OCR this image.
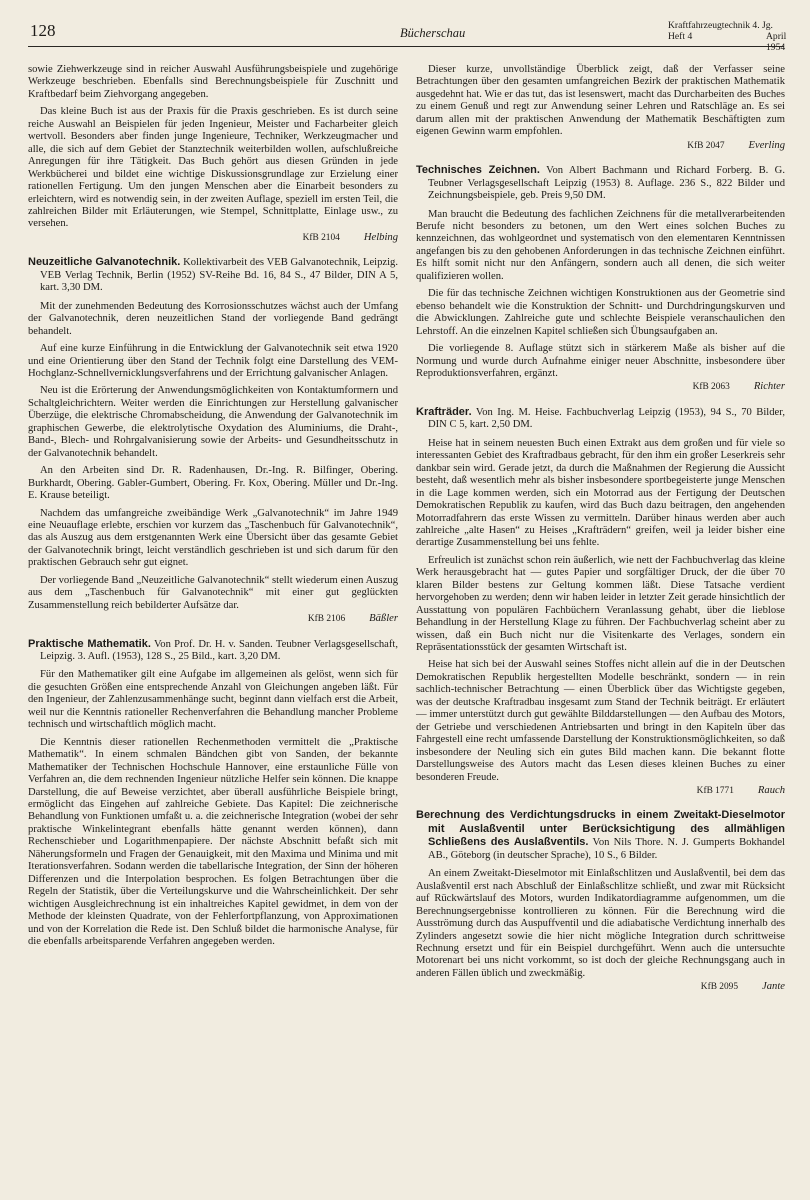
128	Bücherschau
Kraftfahrzeugtechnik 4. Jg.
Heft 4	April 1954

sowie Ziehwerkzeuge sind in reicher Auswahl Ausführungsbeispiele und zugehörige Werkzeuge beschrieben. Ebenfalls sind Berechnungsbeispiele für Zuschnitt und Kraftbedarf beim Ziehvorgang angegeben.

Das kleine Buch ist aus der Praxis für die Praxis geschrieben. Es ist durch seine reiche Auswahl an Beispielen für jeden Ingenieur, Meister und Facharbeiter gleich wertvoll. Besonders aber finden junge Ingenieure, Techniker, Werkzeugmacher und alle, die sich auf dem Gebiet der Stanztechnik weiterbilden wollen, aufschlußreiche Anregungen für ihre Tätigkeit. Das Buch gehört aus diesen Gründen in jede Werkbücherei und bildet eine wichtige Diskussionsgrundlage zur Erzielung einer rationellen Fertigung. Um den jungen Menschen aber die Einarbeit besonders zu erleichtern, wird es notwendig sein, in der zweiten Auflage, speziell im ersten Teil, die zahlreichen Bilder mit Erläuterungen, wie Stempel, Schnittplatte, Einlage usw., zu versehen.

KfB 2104 Helbing

Neuzeitliche Galvanotechnik. Kollektivarbeit des VEB Galvanotechnik, Leipzig. VEB Verlag Technik, Berlin (1952) SV-Reihe Bd. 16, 84 S., 47 Bilder, DIN A 5, kart. 3,30 DM.

Mit der zunehmenden Bedeutung des Korrosionsschutzes wächst auch der Umfang der Galvanotechnik, deren neuzeitlichen Stand der vorliegende Band gedrängt behandelt.

Auf eine kurze Einführung in die Entwicklung der Galvanotechnik seit etwa 1920 und eine Orientierung über den Stand der Technik folgt eine Darstellung des VEM-Hochglanz-Schnellvernicklungsverfahrens und der Errichtung galvanischer Anlagen.

Neu ist die Erörterung der Anwendungsmöglichkeiten von Kontaktumformern und Schaltgleichrichtern. Weiter werden die Einrichtungen zur Herstellung galvanischer Überzüge, die elektrische Chromabscheidung, die Anwendung der Galvanotechnik im graphischen Gewerbe, die elektrolytische Oxydation des Aluminiums, die Draht-, Band-, Blech- und Rohrgalvanisierung sowie der Arbeits- und Gesundheitsschutz in der Galvanotechnik behandelt.

An den Arbeiten sind Dr. R. Radenhausen, Dr.-Ing. R. Bilfinger, Obering. Burkhardt, Obering. Gabler-Gumbert, Obering. Fr. Kox, Obering. Müller und Dr.-Ing. E. Krause beteiligt.

Nachdem das umfangreiche zweibändige Werk „Galvanotechnik“ im Jahre 1949 eine Neuauflage erlebte, erschien vor kurzem das „Taschenbuch für Galvanotechnik“, das als Auszug aus dem erstgenannten Werk eine Übersicht über das gesamte Gebiet der Galvanotechnik bringt, leicht verständlich geschrieben ist und sich darum für den praktischen Gebrauch sehr gut eignet.

Der vorliegende Band „Neuzeitliche Galvanotechnik“ stellt wiederum einen Auszug aus dem „Taschenbuch für Galvanotechnik“ mit einer gut geglückten Zusammenstellung reich bebilderter Aufsätze dar.

KfB 2106 Bäßler

Praktische Mathematik. Von Prof. Dr. H. v. Sanden. Teubner Verlagsgesellschaft, Leipzig. 3. Aufl. (1953), 128 S., 25 Bild., kart. 3,20 DM.

Für den Mathematiker gilt eine Aufgabe im allgemeinen als gelöst, wenn sich für die gesuchten Größen eine entsprechende Anzahl von Gleichungen angeben läßt. Für den Ingenieur, der Zahlenzusammenhänge sucht, beginnt dann vielfach erst die Arbeit, weil nur die Kenntnis rationeller Rechenverfahren die Behandlung mancher Probleme technisch und wirtschaftlich möglich macht.

Die Kenntnis dieser rationellen Rechenmethoden vermittelt die „Praktische Mathematik“. In einem schmalen Bändchen gibt von Sanden, der bekannte Mathematiker der Technischen Hochschule Hannover, eine erstaunliche Fülle von Verfahren an, die dem rechnenden Ingenieur nützliche Helfer sein können. Die knappe Darstellung, die auf Beweise verzichtet, aber überall ausführliche Beispiele bringt, ermöglicht das Eingehen auf zahlreiche Gebiete. Das Kapitel: Die zeichnerische Behandlung von Funktionen umfaßt u. a. die zeichnerische Integration (wobei der sehr praktische Winkelintegrant ebenfalls hätte genannt werden können), dann Rechenschieber und Logarithmenpapiere. Der nächste Abschnitt befaßt sich mit Näherungsformeln und Fragen der Genauigkeit, mit den Maxima und Minima und mit Iterationsverfahren. Sodann werden die tabellarische Integration, der Sinn der höheren Differenzen und die Interpolation besprochen. Es folgen Betrachtungen über die Regeln der Statistik, über die Verteilungskurve und die Wahrscheinlichkeit. Der sehr wichtigen Ausgleichrechnung ist ein inhaltreiches Kapitel gewidmet, in dem von der Methode der kleinsten Quadrate, von der Fehlerfortpflanzung, von Approximationen und von der Korrelation die Rede ist. Den Schluß bildet die harmonische Analyse, für die ebenfalls arbeitsparende Verfahren angegeben werden.

Dieser kurze, unvollständige Überblick zeigt, daß der Verfasser seine Betrachtungen über den gesamten umfangreichen Bezirk der praktischen Mathematik ausgedehnt hat. Wie er das tut, das ist lesenswert, macht das Durcharbeiten des Buches zu einem Genuß und regt zur Anwendung seiner Lehren und Ratschläge an. Es sei darum allen mit der praktischen Anwendung der Mathematik Beschäftigten zum eigenen Gewinn warm empfohlen.

KfB 2047 Everling

Technisches Zeichnen. Von Albert Bachmann und Richard Forberg. B. G. Teubner Verlagsgesellschaft Leipzig (1953) 8. Auflage. 236 S., 822 Bilder und Zeichnungsbeispiele, geb. Preis 9,50 DM.

Man braucht die Bedeutung des fachlichen Zeichnens für die metallverarbeitenden Berufe nicht besonders zu betonen, um den Wert eines solchen Buches zu kennzeichnen, das wohlgeordnet und systematisch von den elementaren Kenntnissen angefangen bis zu den gehobenen Anforderungen in das technische Zeichnen einführt. Es hilft somit nicht nur den Anfängern, sondern auch all denen, die sich weiter qualifizieren wollen.

Die für das technische Zeichnen wichtigen Konstruktionen aus der Geometrie sind ebenso behandelt wie die Konstruktion der Schnitt- und Durchdringungskurven und die Abwicklungen. Zahlreiche gute und schlechte Beispiele veranschaulichen den Lehrstoff. An die einzelnen Kapitel schließen sich Übungsaufgaben an.

Die vorliegende 8. Auflage stützt sich in stärkerem Maße als bisher auf die Normung und wurde durch Aufnahme einiger neuer Abschnitte, insbesondere über Reproduktionsverfahren, ergänzt.

KfB 2063 Richter

Krafträder. Von Ing. M. Heise. Fachbuchverlag Leipzig (1953), 94 S., 70 Bilder, DIN C 5, kart. 2,50 DM.

Heise hat in seinem neuesten Buch einen Extrakt aus dem großen und für viele so interessanten Gebiet des Kraftradbaus gebracht, für den ihm ein großer Leserkreis sehr dankbar sein wird. Gerade jetzt, da durch die Maßnahmen der Regierung die Aussicht besteht, daß wesentlich mehr als bisher insbesondere sportbegeisterte junge Menschen in die Lage kommen werden, sich ein Motorrad aus der Fertigung der Deutschen Demokratischen Republik zu kaufen, wird das Buch dazu beitragen, den angehenden Motorradfahrern das erste Wissen zu vermitteln. Darüber hinaus werden aber auch zahlreiche „alte Hasen“ zu Heises „Krafträdern“ greifen, weil ja leider bisher eine derartige Zusammenstellung bei uns fehlte.

Erfreulich ist zunächst schon rein äußerlich, wie nett der Fachbuchverlag das kleine Werk herausgebracht hat — gutes Papier und sorgfältiger Druck, der die über 70 klaren Bilder bestens zur Geltung kommen läßt. Diese Tatsache verdient hervorgehoben zu werden; denn wir haben leider in letzter Zeit gerade hinsichtlich der Ausstattung von populären Fachbüchern Veranlassung gehabt, über die lieblose Behandlung in der Herstellung Klage zu führen. Der Fachbuchverlag scheint aber zu wissen, daß ein Buch nicht nur die Visitenkarte des Verlages, sondern ein Repräsentationsstück der gesamten Wirtschaft ist.

Heise hat sich bei der Auswahl seines Stoffes nicht allein auf die in der Deutschen Demokratischen Republik hergestellten Modelle beschränkt, sondern — in rein sachlich-technischer Betrachtung — einen Überblick über das Wichtigste gegeben, was der deutsche Kraftradbau insgesamt zum Stand der Technik beiträgt. Er erläutert — immer unterstützt durch gut gewählte Bilddarstellungen — den Aufbau des Motors, der Getriebe und verschiedenen Antriebsarten und bringt in den Kapiteln über das Fahrgestell eine recht umfassende Darstellung der Konstruktionsmöglichkeiten, so daß insbesondere der Neuling sich ein gutes Bild machen kann. Die bekannt flotte Darstellungsweise des Autors macht das Lesen dieses kleinen Buches zu einer besonderen Freude.

KfB 1771 Rauch

Berechnung des Verdichtungsdrucks in einem Zweitakt-Dieselmotor mit Auslaßventil unter Berücksichtigung des allmähligen Schließens des Auslaßventils. Von Nils Thore. N. J. Gumperts Bokhandel AB., Göteborg (in deutscher Sprache), 10 S., 6 Bilder.

An einem Zweitakt-Dieselmotor mit Einlaßschlitzen und Auslaßventil, bei dem das Auslaßventil erst nach Abschluß der Einlaßschlitze schließt, und zwar mit Rücksicht auf Rückwärtslauf des Motors, wurden Indikatordiagramme aufgenommen, um die Berechnungsergebnisse kontrollieren zu können. Für die Berechnung wird die Ausströmung durch das Auspuffventil und die adiabatische Verdichtung innerhalb des Zylinders angesetzt sowie die hier nicht mögliche Integration durch schrittweise Rechnung ersetzt und für ein Beispiel durchgeführt. Wenn auch die untersuchte Motorenart bei uns nicht vorkommt, so ist doch der gleiche Rechnungsgang auch in anderen Fällen üblich und zweckmäßig.

KfB 2095 Jante
